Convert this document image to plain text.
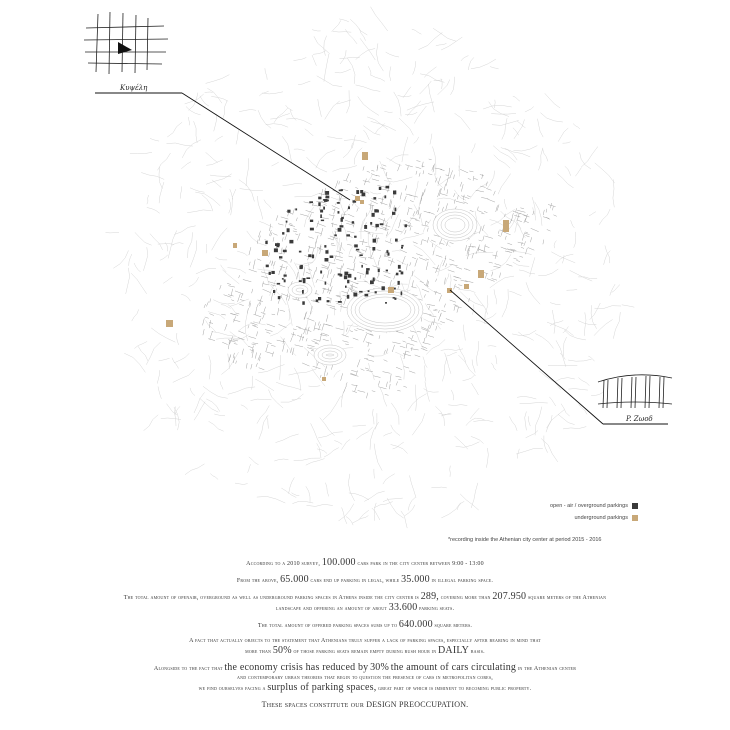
Κυψέλη
P. Ζωοδ
open - air / overground parkings
underground parkings
*recording inside the Athenian city center at period 2015 - 2016

According to a 2010 survey, 100.000 cars park in the city center between 9:00 - 13:00

From the above, 65.000 cars end up parking in legal, while 35.000 in illegal parking space.

The total amount of openair, overground as well as underground parking spaces in Athens inside the city center is 289, covering more than 207.950 square meters of the Athenian
landscape and offering an amount of about 33.600 parking seats.

The total amount of offered parking spaces sums up to 640.000 square meters.

A fact that actually objects to the statement that Athenians truly suffer a lack of parking spaces, especially after bearing in mind that
more than 50% of those parking seats remain empty during rush hour in DAILY basis.

Alongside to the fact that the economy crisis has reduced by 30% the amount of cars circulating in the Athenian center
and contemporary urban theories that begin to question the presence of cars in metropolitan cores,
we find ourselves facing a surplus of parking spaces, great part of which is imminent to becoming public property.

These spaces constitute our DESIGN PREOCCUPATION.
